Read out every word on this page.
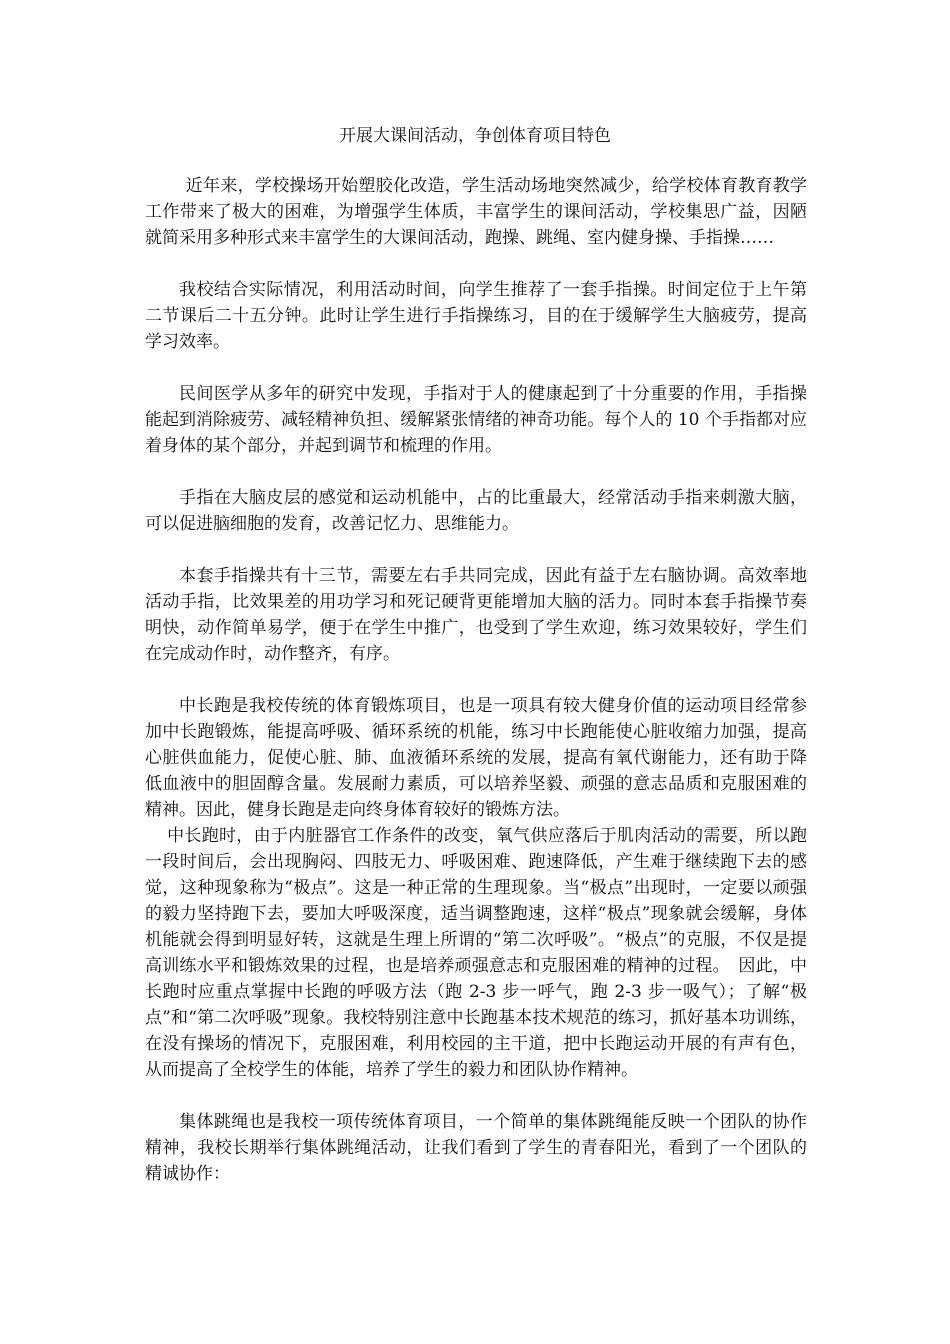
开展大课间活动，争创体育项目特色

近年来，学校操场开始塑胶化改造，学生活动场地突然减少，给学校体育教育教学工作带来了极大的困难，为增强学生体质，丰富学生的课间活动，学校集思广益，因陋就简采用多种形式来丰富学生的大课间活动，跑操、跳绳、室内健身操、手指操……

我校结合实际情况，利用活动时间，向学生推荐了一套手指操。时间定位于上午第二节课后二十五分钟。此时让学生进行手指操练习，目的在于缓解学生大脑疲劳，提高学习效率。

民间医学从多年的研究中发现，手指对于人的健康起到了十分重要的作用，手指操能起到消除疲劳、减轻精神负担、缓解紧张情绪的神奇功能。每个人的 10 个手指都对应着身体的某个部分，并起到调节和梳理的作用。

手指在大脑皮层的感觉和运动机能中，占的比重最大，经常活动手指来刺激大脑，可以促进脑细胞的发育，改善记忆力、思维能力。

本套手指操共有十三节，需要左右手共同完成，因此有益于左右脑协调。高效率地活动手指，比效果差的用功学习和死记硬背更能增加大脑的活力。同时本套手指操节奏明快，动作简单易学，便于在学生中推广，也受到了学生欢迎，练习效果较好，学生们在完成动作时，动作整齐，有序。

中长跑是我校传统的体育锻炼项目，也是一项具有较大健身价值的运动项目经常参加中长跑锻炼，能提高呼吸、循环系统的机能，练习中长跑能使心脏收缩力加强，提高心脏供血能力，促使心脏、肺、血液循环系统的发展，提高有氧代谢能力，还有助于降低血液中的胆固醇含量。发展耐力素质，可以培养坚毅、顽强的意志品质和克服困难的精神。因此，健身长跑是走向终身体育较好的锻炼方法。

中长跑时，由于内脏器官工作条件的改变，氧气供应落后于肌肉活动的需要，所以跑一段时间后，会出现胸闷、四肢无力、呼吸困难、跑速降低，产生难于继续跑下去的感觉，这种现象称为“极点”。这是一种正常的生理现象。当“极点”出现时，一定要以顽强的毅力坚持跑下去，要加大呼吸深度，适当调整跑速，这样“极点”现象就会缓解，身体机能就会得到明显好转，这就是生理上所谓的“第二次呼吸”。“极点”的克服，不仅是提高训练水平和锻炼效果的过程，也是培养顽强意志和克服困难的精神的过程。　因此，中长跑时应重点掌握中长跑的呼吸方法（跑 2-3 步一呼气，跑 2-3 步一吸气）；了解“极点”和“第二次呼吸”现象。我校特别注意中长跑基本技术规范的练习，抓好基本功训练，在没有操场的情况下，克服困难，利用校园的主干道，把中长跑运动开展的有声有色，从而提高了全校学生的体能，培养了学生的毅力和团队协作精神。

集体跳绳也是我校一项传统体育项目，一个简单的集体跳绳能反映一个团队的协作精神，我校长期举行集体跳绳活动，让我们看到了学生的青春阳光，看到了一个团队的精诚协作：
